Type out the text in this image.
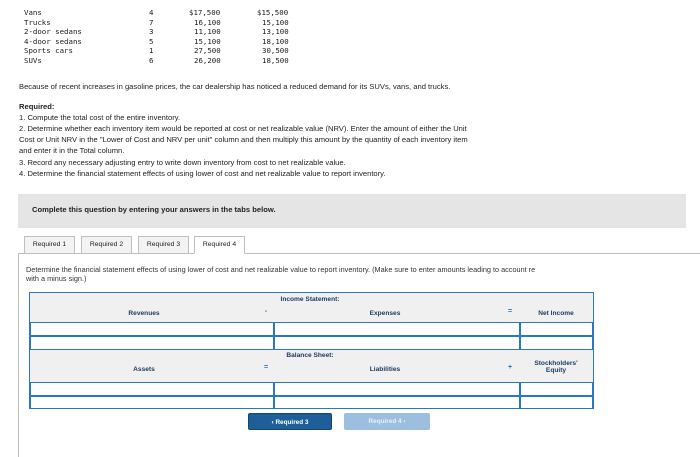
Vans	4	$17,500	$15,500
Trucks	7	16,100	15,100
2-door sedans	3	11,100	13,100
4-door sedans	5	15,100	18,100
Sports cars	1	27,500	30,500
SUVs	6	26,200	18,500
Because of recent increases in gasoline prices, the car dealership has noticed a reduced demand for its SUVs, vans, and trucks.
Required:
1. Compute the total cost of the entire inventory.
2. Determine whether each inventory item would be reported at cost or net realizable value (NRV). Enter the amount of either the Unit
Cost or Unit NRV in the "Lower of Cost and NRV per unit" column and then multiply this amount by the quantity of each inventory item
and enter it in the Total column.
3. Record any necessary adjusting entry to write down inventory from cost to net realizable value.
4. Determine the financial statement effects of using lower of cost and net realizable value to report inventory.
Complete this question by entering your answers in the tabs below.
Required 1	Required 2	Required 3	Required 4
Determine the financial statement effects of using lower of cost and net realizable value to report inventory. (Make sure to enter amounts leading to account re
with a minus sign.)
Income Statement:
Revenues	-	Expenses	=	Net Income
Balance Sheet:
Assets	=	Liabilities	+
Stockholders'
Equity
‹ Required 3	Required 4 ›
